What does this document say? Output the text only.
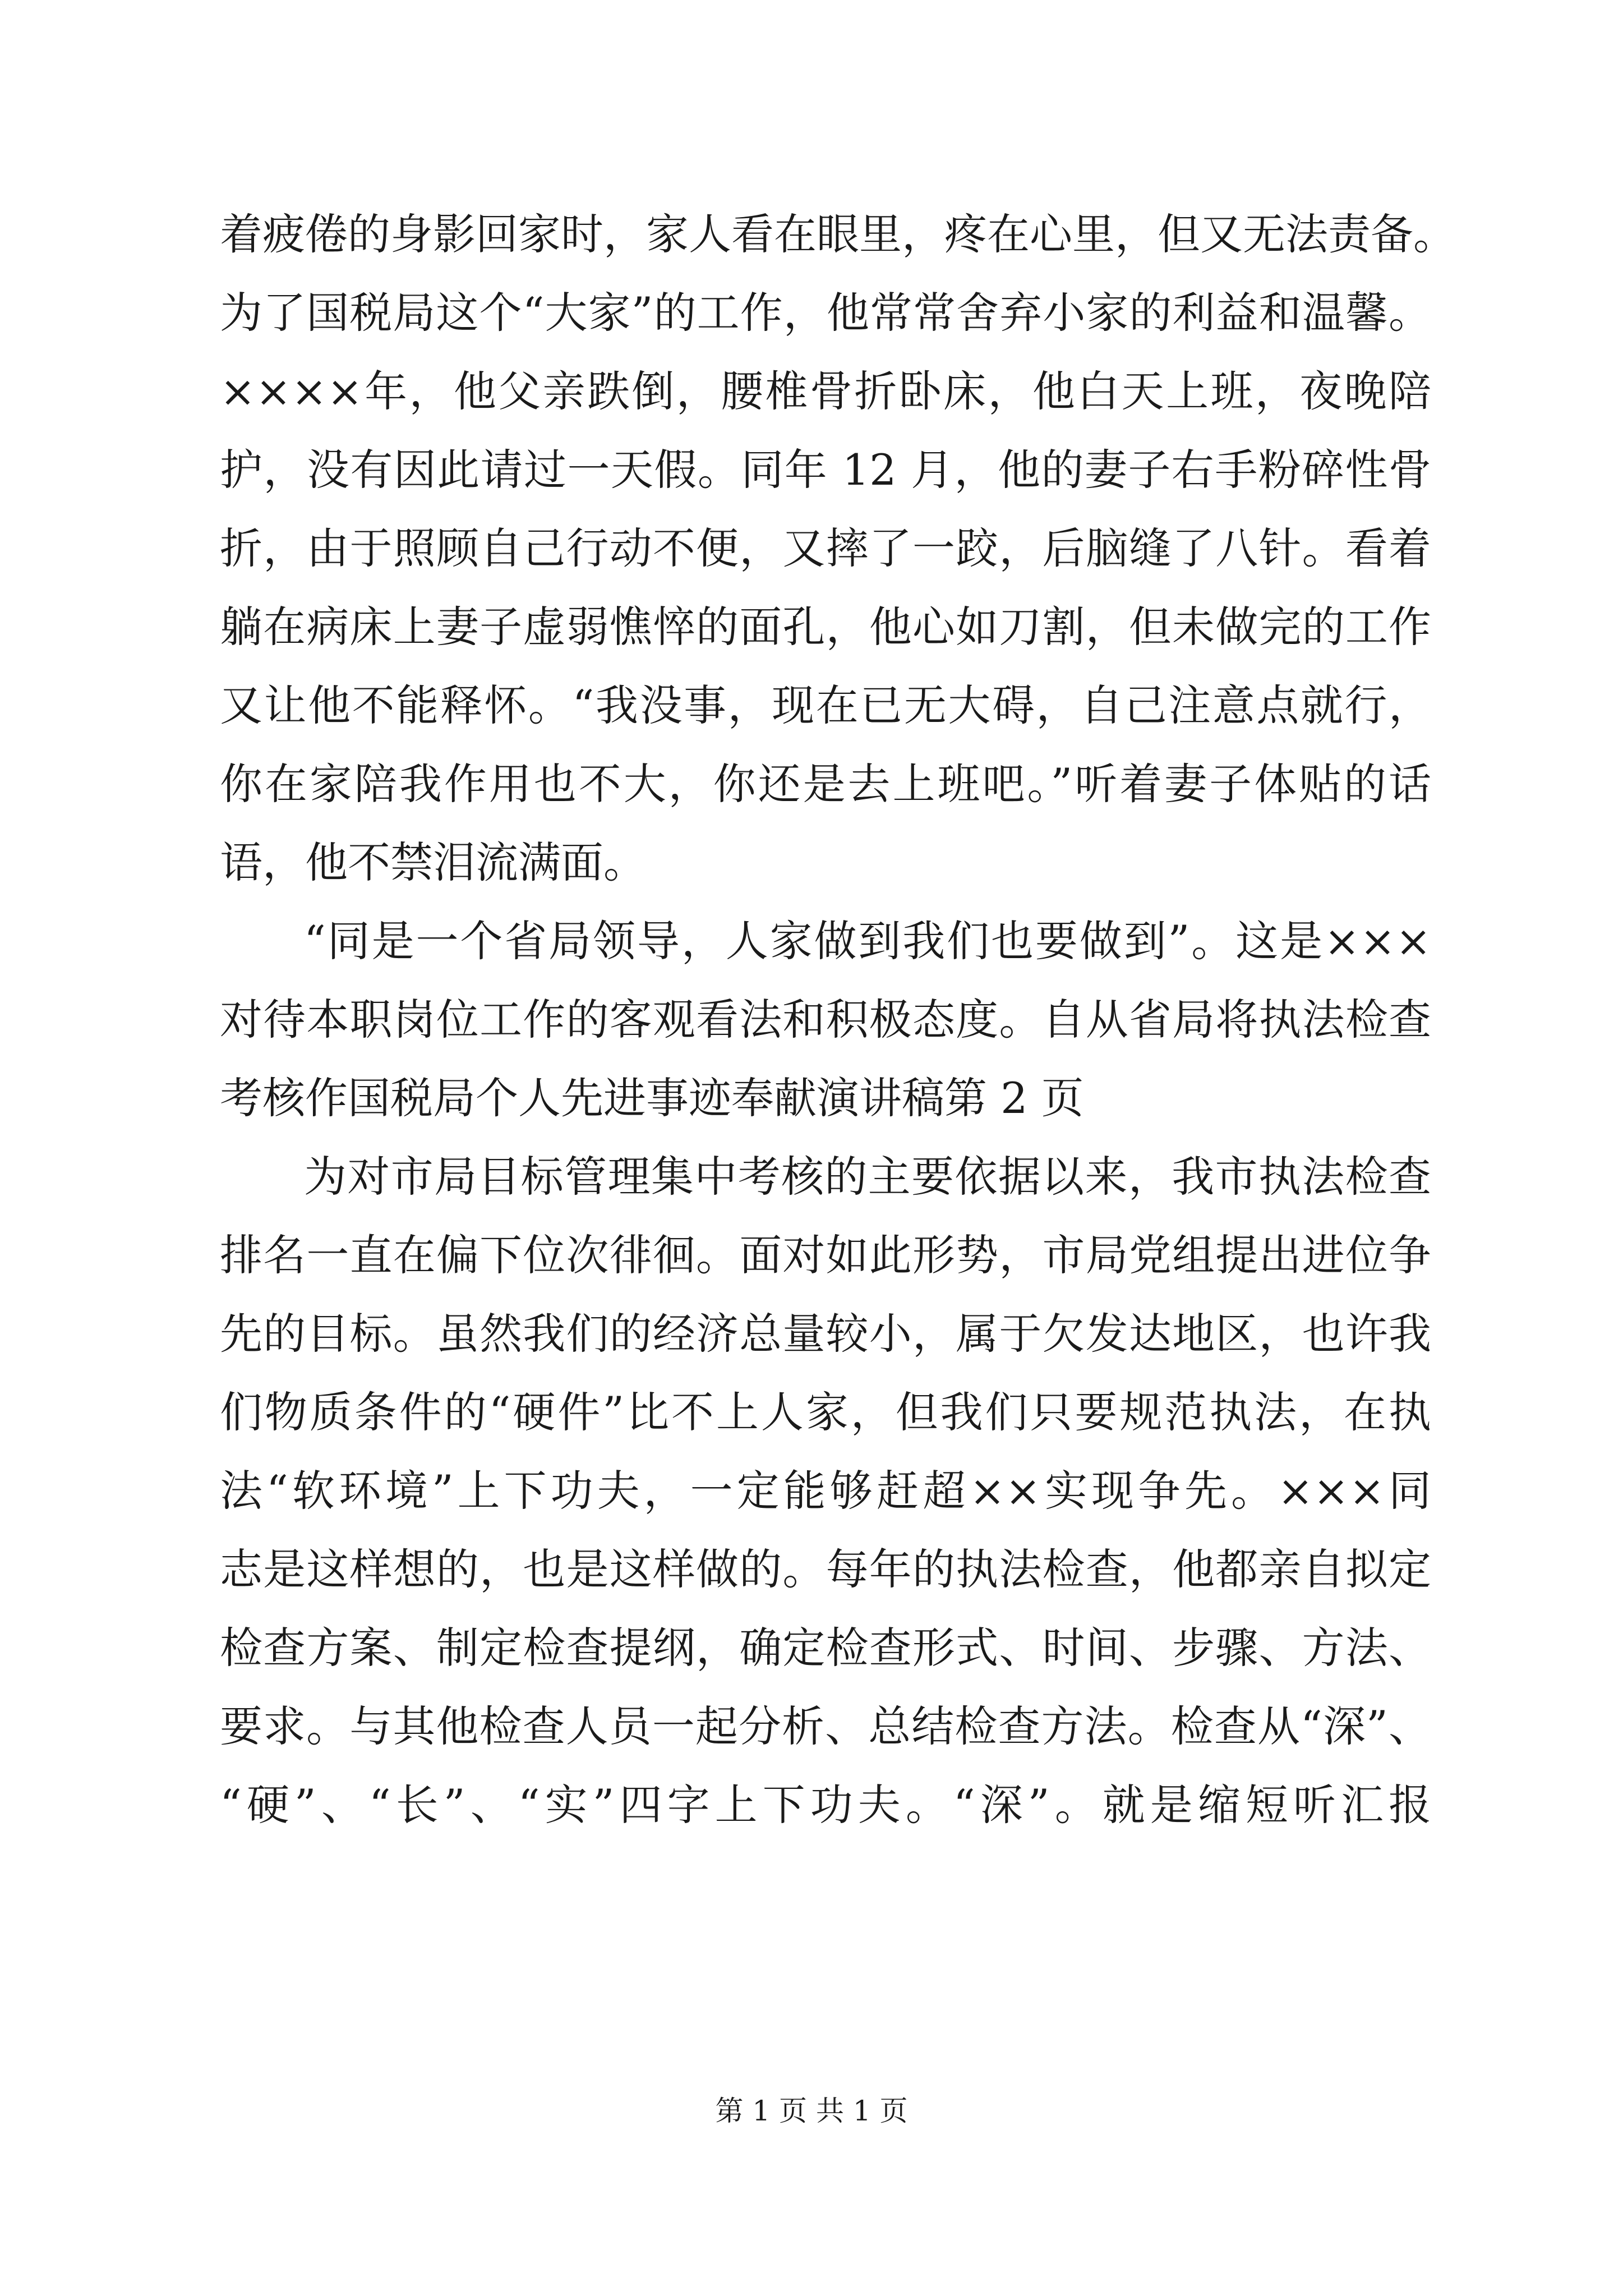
着疲倦的身影回家时，家人看在眼里，疼在心里，但又无法责备。
为了国税局这个“大家”的工作，他常常舍弃小家的利益和温馨。
××××年，他父亲跌倒，腰椎骨折卧床，他白天上班，夜晚陪
护，没有因此请过一天假。同年 12 月，他的妻子右手粉碎性骨
折，由于照顾自己行动不便，又摔了一跤，后脑缝了八针。看着
躺在病床上妻子虚弱憔悴的面孔，他心如刀割，但未做完的工作
又让他不能释怀。“我没事，现在已无大碍，自己注意点就行，
你在家陪我作用也不大，你还是去上班吧。”听着妻子体贴的话
语，他不禁泪流满面。
“同是一个省局领导，人家做到我们也要做到”。这是×××
对待本职岗位工作的客观看法和积极态度。自从省局将执法检查
考核作国税局个人先进事迹奉献演讲稿第 2 页
为对市局目标管理集中考核的主要依据以来，我市执法检查
排名一直在偏下位次徘徊。面对如此形势，市局党组提出进位争
先的目标。虽然我们的经济总量较小，属于欠发达地区，也许我
们物质条件的“硬件”比不上人家，但我们只要规范执法，在执
法“软环境”上下功夫，一定能够赶超××实现争先。×××同
志是这样想的，也是这样做的。每年的执法检查，他都亲自拟定
检查方案、制定检查提纲，确定检查形式、时间、步骤、方法、
要求。与其他检查人员一起分析、总结检查方法。检查从“深”、
“硬”、“长”、“实”四字上下功夫。“深”。就是缩短听汇报
第 1 页 共 1 页
